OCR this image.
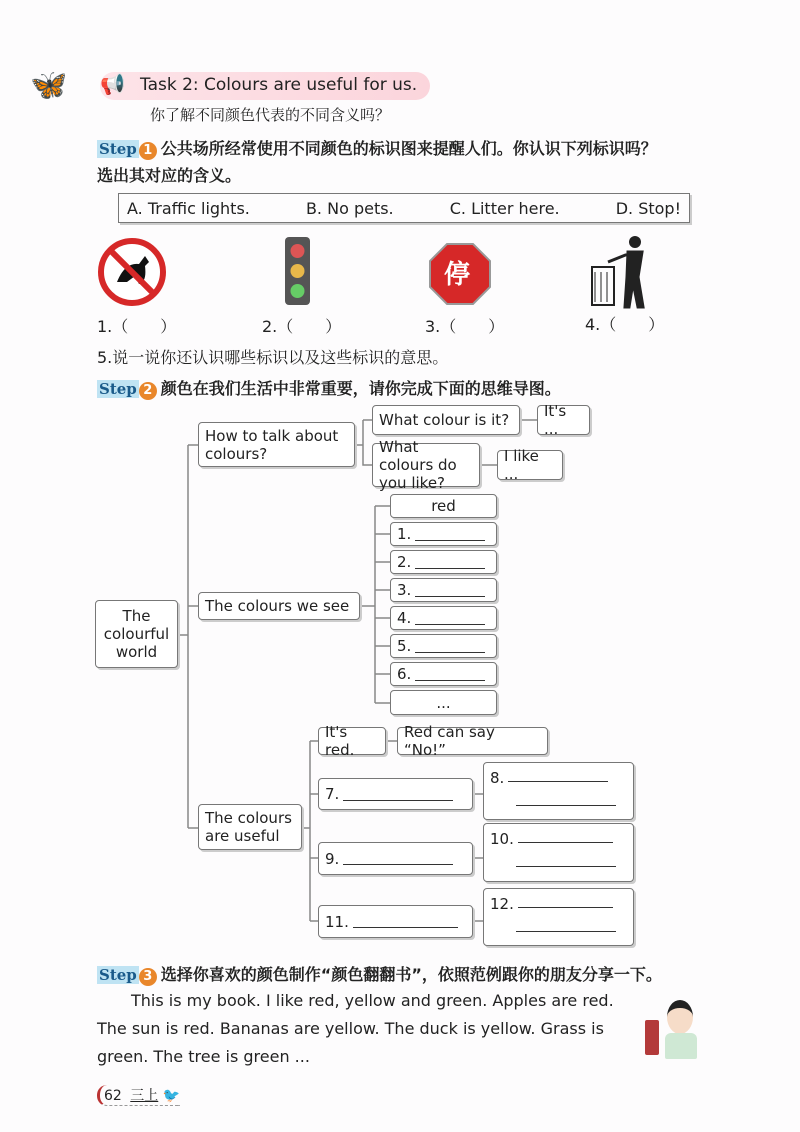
🦋 📢 Task 2: Colours are useful for us.
你了解不同颜色代表的不同含义吗？
Step 1 公共场所经常使用不同颜色的标识图来提醒人们。你认识下列标识吗？
选出其对应的含义。
A. Traffic lights.	B. No pets.	C. Litter here.	D. Stop!
停
1.（　　）	2.（　　）	3.（　　）	4.（　　）
5.说一说你还认识哪些标识以及这些标识的意思。
Step 2 颜色在我们生活中非常重要，请你完成下面的思维导图。
The colourful world
How to talk about colours?
What colour is it?	It's ...
What colours do you like?
I like ...
The colours we see
red
1.
2.
3.
4.
5.
6.
...
The colours are useful
It's red.
Red can say “No!”
7.
8.
9.
10.
11.
12.
Step 3 选择你喜欢的颜色制作“颜色翻翻书”，依照范例跟你的朋友分享一下。
This is my book. I like red, yellow and green. Apples are red. The sun is red. Bananas are yellow. The duck is yellow. Grass is green. The tree is green ...
62 三上 🐦
